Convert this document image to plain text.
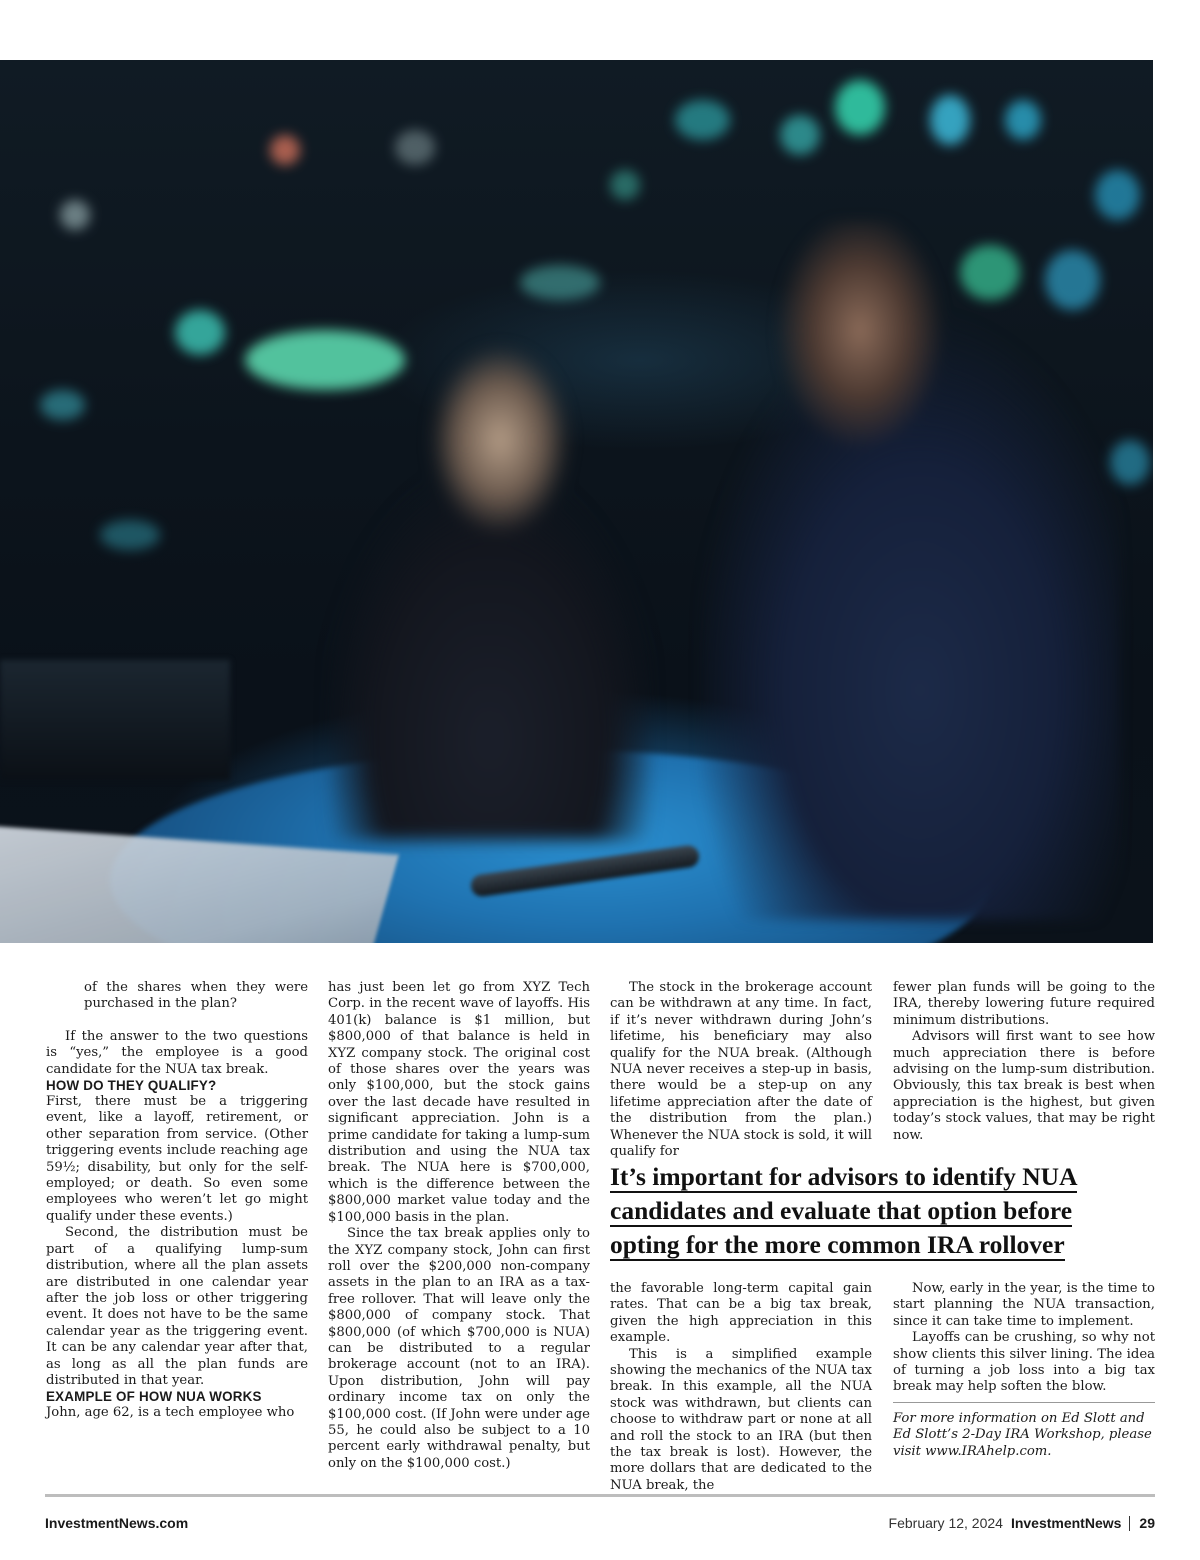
of the shares when they were purchased in the plan?

If the answer to the two questions is “yes,” the employee is a good candidate for the NUA tax break.

HOW DO THEY QUALIFY?

First, there must be a triggering event, like a layoff, retirement, or other separation from service. (Other triggering events include reaching age 59½; disability, but only for the self-employed; or death. So even some employees who weren’t let go might qualify under these events.)

Second, the distribution must be part of a qualifying lump-sum distribution, where all the plan assets are distributed in one calendar year after the job loss or other triggering event. It does not have to be the same calendar year as the triggering event. It can be any calendar year after that, as long as all the plan funds are distributed in that year.

EXAMPLE OF HOW NUA WORKS

John, age 62, is a tech employee who

has just been let go from XYZ Tech Corp. in the recent wave of layoffs. His 401(k) balance is $1 million, but $800,000 of that balance is held in XYZ company stock. The original cost of those shares over the years was only $100,000, but the stock gains over the last decade have resulted in significant appreciation. John is a prime candidate for taking a lump-sum distribution and using the NUA tax break. The NUA here is $700,000, which is the difference between the $800,000 market value today and the $100,000 basis in the plan.

Since the tax break applies only to the XYZ company stock, John can first roll over the $200,000 non-company assets in the plan to an IRA as a tax-free rollover. That will leave only the $800,000 of company stock. That $800,000 (of which $700,000 is NUA) can be distributed to a regular brokerage account (not to an IRA). Upon distribution, John will pay ordinary income tax on only the $100,000 cost. (If John were under age 55, he could also be subject to a 10 percent early withdrawal penalty, but only on the $100,000 cost.)

The stock in the brokerage account can be withdrawn at any time. In fact, if it’s never withdrawn during John’s lifetime, his beneficiary may also qualify for the NUA break. (Although NUA never receives a step-up in basis, there would be a step-up on any lifetime appreciation after the date of the distribution from the plan.) Whenever the NUA stock is sold, it will qualify for

the favorable long-term capital gain rates. That can be a big tax break, given the high appreciation in this example.

This is a simplified example showing the mechanics of the NUA tax break. In this example, all the NUA stock was withdrawn, but clients can choose to withdraw part or none at all and roll the stock to an IRA (but then the tax break is lost). However, the more dollars that are dedicated to the NUA break, the

fewer plan funds will be going to the IRA, thereby lowering future required minimum distributions.

Advisors will first want to see how much appreciation there is before advising on the lump-sum distribution. Obviously, this tax break is best when appreciation is the highest, but given today’s stock values, that may be right now.

Now, early in the year, is the time to start planning the NUA transaction, since it can take time to implement.

Layoffs can be crushing, so why not show clients this silver lining. The idea of turning a job loss into a big tax break may help soften the blow.

For more information on Ed Slott and Ed Slott’s 2-Day IRA Workshop, please visit www.IRAhelp.com.

It’s important for advisors to identify NUA
candidates and evaluate that option before
opting for the more common IRA rollover
InvestmentNews.com	February 12, 2024 InvestmentNews 29
